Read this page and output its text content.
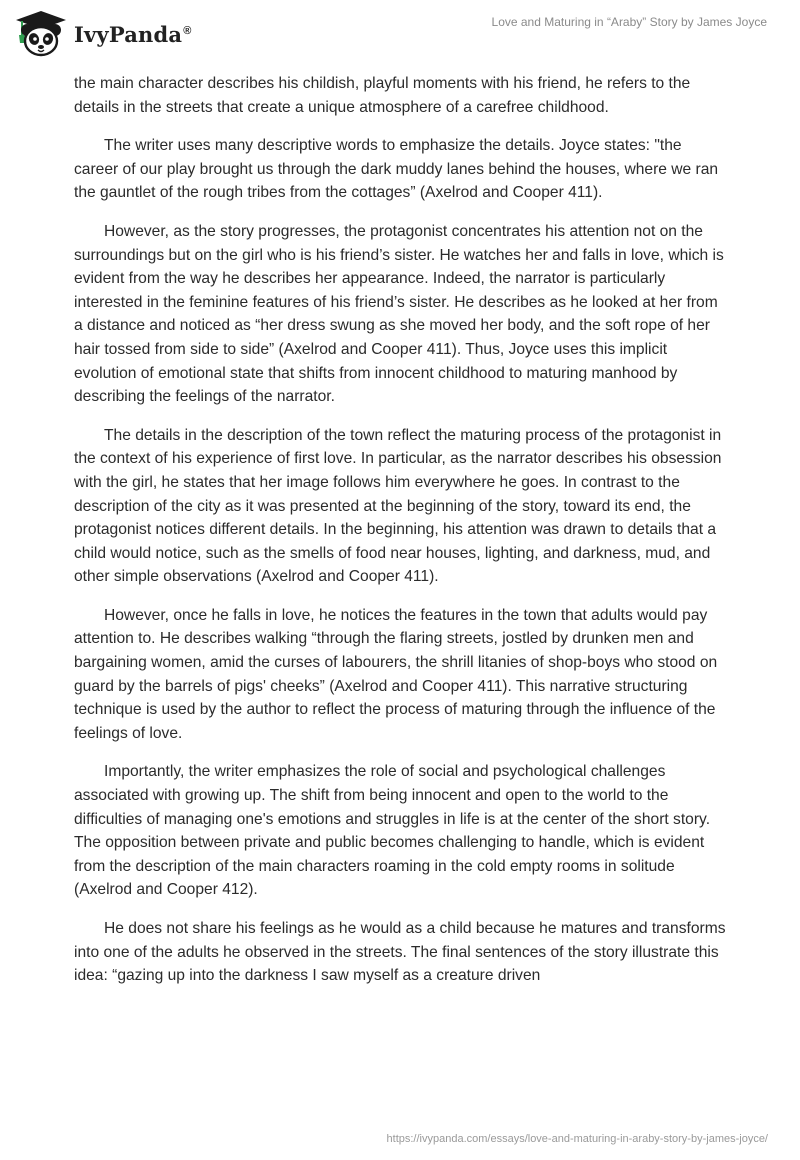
IvyPanda®
Love and Maturing in “Araby” Story by James Joyce

the main character describes his childish, playful moments with his friend, he refers to the details in the streets that create a unique atmosphere of a carefree childhood.

The writer uses many descriptive words to emphasize the details. Joyce states: "the career of our play brought us through the dark muddy lanes behind the houses, where we ran the gauntlet of the rough tribes from the cottages” (Axelrod and Cooper 411).

However, as the story progresses, the protagonist concentrates his attention not on the surroundings but on the girl who is his friend’s sister. He watches her and falls in love, which is evident from the way he describes her appearance. Indeed, the narrator is particularly interested in the feminine features of his friend’s sister. He describes as he looked at her from a distance and noticed as “her dress swung as she moved her body, and the soft rope of her hair tossed from side to side” (Axelrod and Cooper 411). Thus, Joyce uses this implicit evolution of emotional state that shifts from innocent childhood to maturing manhood by describing the feelings of the narrator.

The details in the description of the town reflect the maturing process of the protagonist in the context of his experience of first love. In particular, as the narrator describes his obsession with the girl, he states that her image follows him everywhere he goes. In contrast to the description of the city as it was presented at the beginning of the story, toward its end, the protagonist notices different details. In the beginning, his attention was drawn to details that a child would notice, such as the smells of food near houses, lighting, and darkness, mud, and other simple observations (Axelrod and Cooper 411).

However, once he falls in love, he notices the features in the town that adults would pay attention to. He describes walking “through the flaring streets, jostled by drunken men and bargaining women, amid the curses of labourers, the shrill litanies of shop-boys who stood on guard by the barrels of pigs' cheeks” (Axelrod and Cooper 411). This narrative structuring technique is used by the author to reflect the process of maturing through the influence of the feelings of love.

Importantly, the writer emphasizes the role of social and psychological challenges associated with growing up. The shift from being innocent and open to the world to the difficulties of managing one's emotions and struggles in life is at the center of the short story. The opposition between private and public becomes challenging to handle, which is evident from the description of the main characters roaming in the cold empty rooms in solitude (Axelrod and Cooper 412).

He does not share his feelings as he would as a child because he matures and transforms into one of the adults he observed in the streets. The final sentences of the story illustrate this idea: “gazing up into the darkness I saw myself as a creature driven

https://ivypanda.com/essays/love-and-maturing-in-araby-story-by-james-joyce/
